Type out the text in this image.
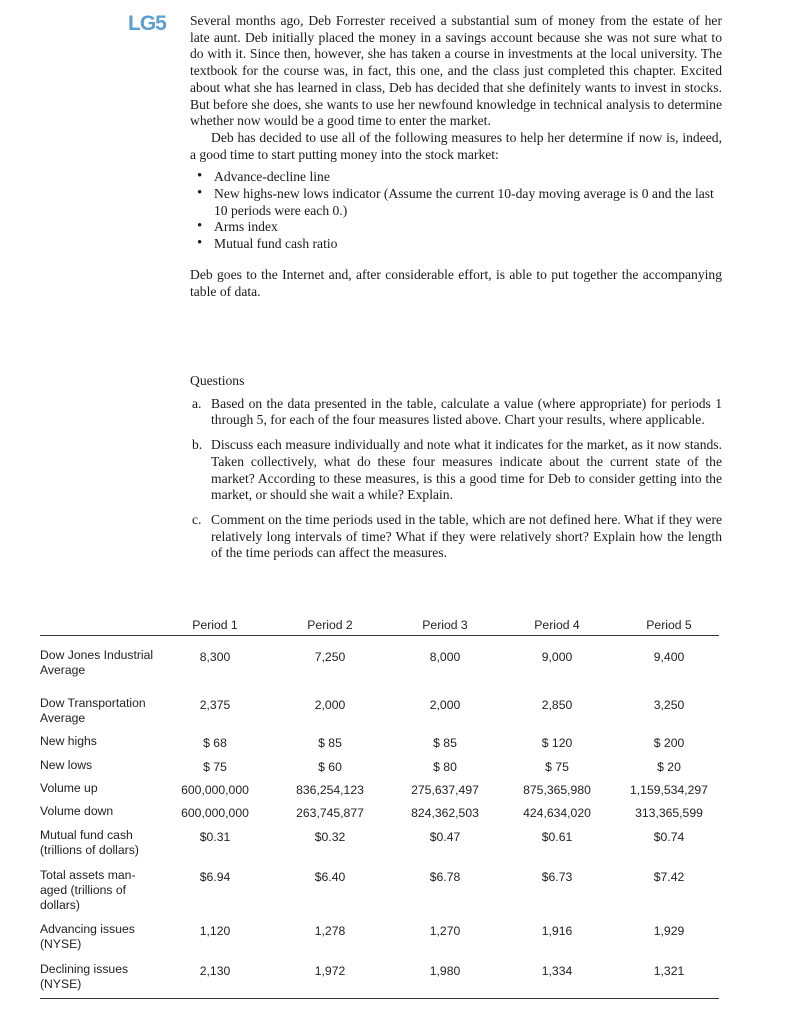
LG5 Several months ago, Deb Forrester received a substantial sum of money from the estate of her late aunt. Deb initially placed the money in a savings account because she was not sure what to do with it. Since then, however, she has taken a course in investments at the local university. The textbook for the course was, in fact, this one, and the class just completed this chapter. Excited about what she has learned in class, Deb has decided that she definitely wants to invest in stocks. But before she does, she wants to use her newfound knowledge in technical analysis to determine whether now would be a good time to enter the market.

Deb has decided to use all of the following measures to help her determine if now is, indeed, a good time to start putting money into the stock market:

• Advance-decline line
• New highs-new lows indicator (Assume the current 10-day moving average is 0 and the last 10 periods were each 0.)
• Arms index
• Mutual fund cash ratio

Deb goes to the Internet and, after considerable effort, is able to put together the accompanying table of data.

Questions

a. Based on the data presented in the table, calculate a value (where appropriate) for periods 1 through 5, for each of the four measures listed above. Chart your results, where applicable.
b. Discuss each measure individually and note what it indicates for the market, as it now stands. Taken collectively, what do these four measures indicate about the current state of the market? According to these measures, is this a good time for Deb to consider getting into the market, or should she wait a while? Explain.
c. Comment on the time periods used in the table, which are not defined here. What if they were relatively long intervals of time? What if they were relatively short? Explain how the length of the time periods can affect the measures.
Period 1	Period 2	Period 3	Period 4	Period 5
Dow Jones Industrial Average
8,300	7,250	8,000	9,000	9,400
Dow Transportation Average
2,375	2,000	2,000	2,850	3,250
New highs	$ 68	$ 85	$ 85	$ 120	$ 200
New lows	$ 75	$ 60	$ 80	$ 75	$ 20
Volume up	600,000,000	836,254,123	275,637,497	875,365,980	1,159,534,297
Volume down	600,000,000	263,745,877	824,362,503	424,634,020	313,365,599
Mutual fund cash (trillions of dollars)
$0.31	$0.32	$0.47	$0.61	$0.74
Total assets man- aged (trillions of dollars)
$6.94	$6.40	$6.78	$6.73	$7.42
Advancing issues (NYSE)
1,120	1,278	1,270	1,916	1,929
Declining issues (NYSE)
2,130	1,972	1,980	1,334	1,321
